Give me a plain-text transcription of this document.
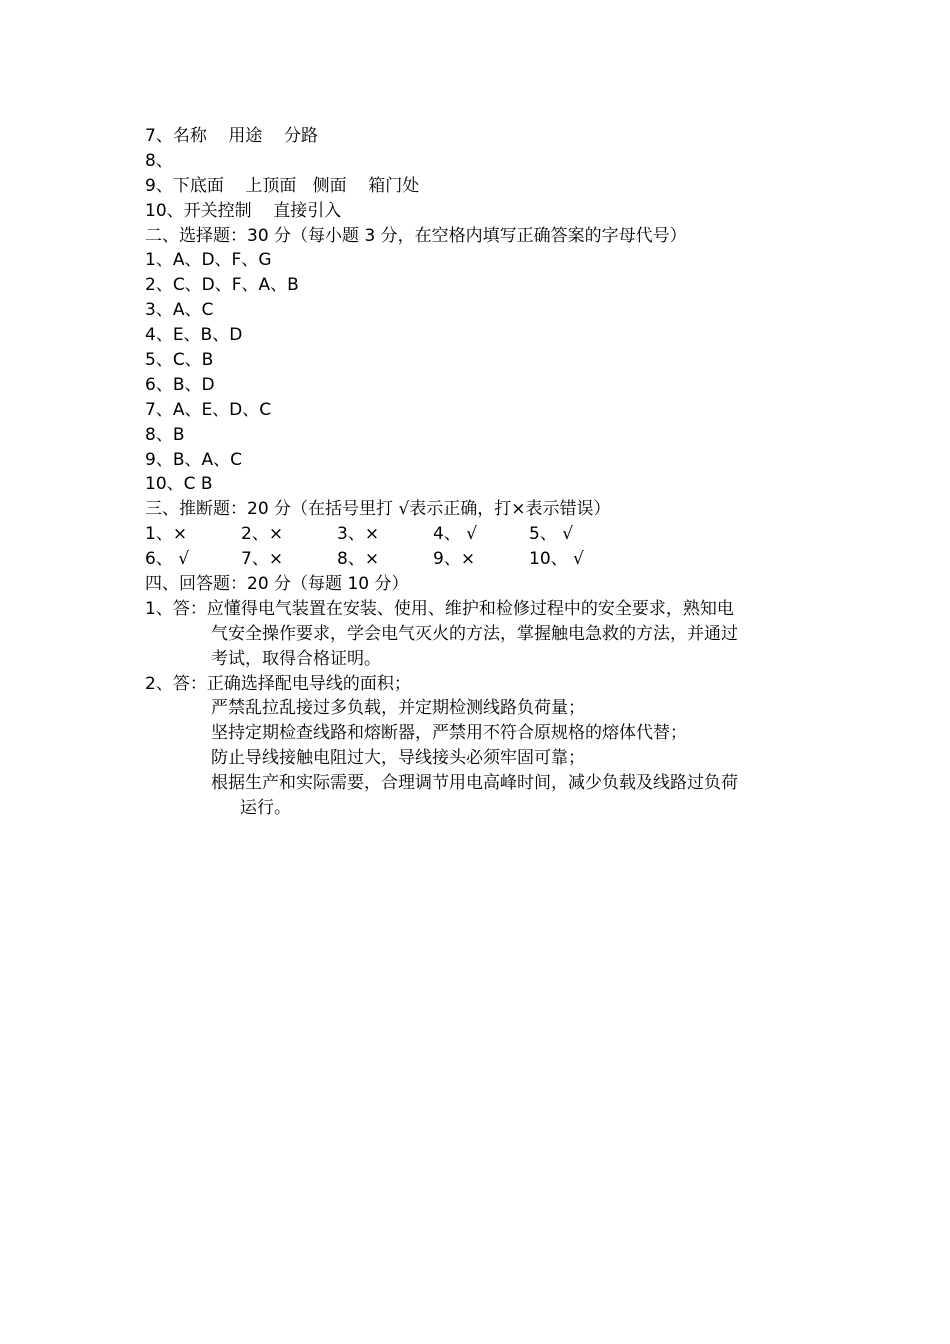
7、名称    用途    分路
8、
9、下底面    上顶面   侧面    箱门处
10、开关控制    直接引入
二、选择题：30 分（每小题 3 分，在空格内填写正确答案的字母代号）
1、A、D、F、G
2、C、D、F、A、B
3、A、C
4、E、B、D
5、C、B
6、B、D
7、A、E、D、C
8、B
9、B、A、C
10、C B
三、推断题：20 分（在括号里打 √表示正确，打×表示错误）
1、×	2、×	3、×	4、 √	5、 √
6、 √	7、×	8、×	9、×	10、 √
四、回答题：20 分（每题 10 分）
1、答：应懂得电气装置在安装、使用、维护和检修过程中的安全要求，熟知电
气安全操作要求，学会电气灭火的方法，掌握触电急救的方法，并通过
考试，取得合格证明。
2、答：正确选择配电导线的面积；
严禁乱拉乱接过多负载，并定期检测线路负荷量；
坚持定期检查线路和熔断器，严禁用不符合原规格的熔体代替；
防止导线接触电阻过大，导线接头必须牢固可靠；
根据生产和实际需要，合理调节用电高峰时间，减少负载及线路过负荷
运行。
